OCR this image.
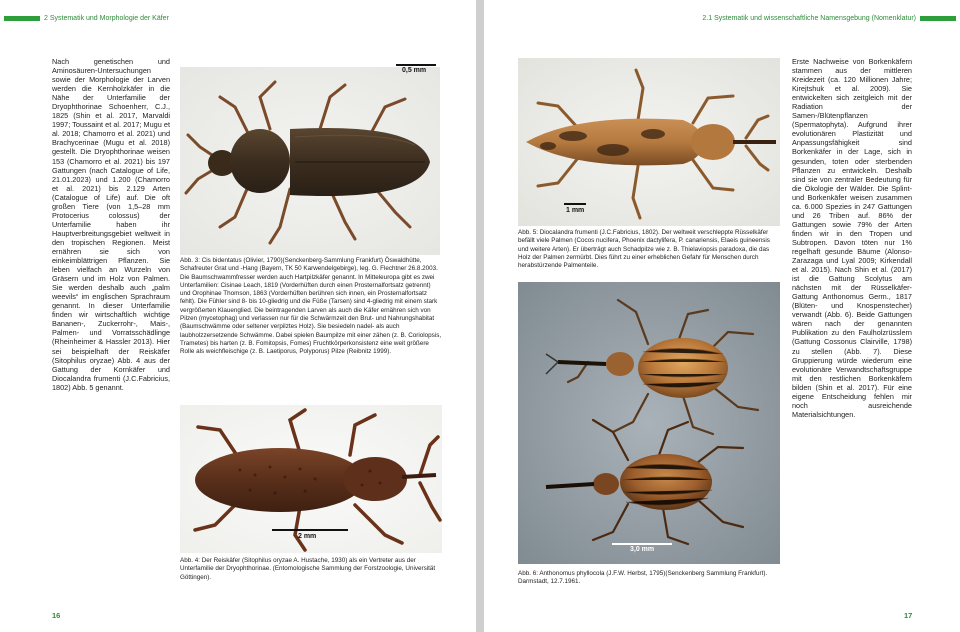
2 Systematik und Morphologie der Käfer

Nach genetischen und Aminosäuren-Untersuchungen sowie der Morphologie der Larven werden die Kernholzkäfer in die Nähe der Unterfamilie der Dryophthorinae Schoenherr, C.J., 1825 (Shin et al. 2017, Marvaldi 1997; Toussaint et al. 2017; Mugu et al. 2018; Chamorro et al. 2021) und Brachycerinae (Mugu et al. 2018) gestellt. Die Dryophthorinae weisen 153 (Chamorro et al. 2021) bis 197 Gattungen (nach Catalogue of Life, 21.01.2023) und 1.200 (Chamorro et al. 2021) bis 2.129 Arten (Catalogue of Life) auf. Die oft großen Tiere (von 1,5–28 mm Protocerius colossus) der Unterfamilie haben ihr Hauptverbreitungsgebiet weltweit in den tropischen Regionen. Meist ernähren sie sich von einkeimblättrigen Pflanzen. Sie leben vielfach an Wurzeln von Gräsern und im Holz von Palmen. Sie werden deshalb auch „palm weevils“ im englischen Sprachraum genannt. In dieser Unterfamilie finden wir wirtschaftlich wichtige Bananen-, Zuckerrohr-, Mais-, Palmen- und Vorratsschädlinge (Rheinheimer & Hassler 2013). Hier sei beispielhaft der Reiskäfer (Sitophilus oryzae) Abb. 4 aus der Gattung der Kornkäfer und Diocalandra frumenti (J.C.Fabricius, 1802) Abb. 5 genannt.

0,5 mm

Abb. 3: Cis bidentatus (Olivier, 1790)(Senckenberg-Sammlung Frankfurt) Öswaldhütte, Schafreuter Grat und -Hang (Bayern, TK 50 Karwendelgebirge), leg. G. Flechtner 26.8.2003. Die Baumschwammfresser werden auch Hartpilzkäfer genannt. In Mitteleuropa gibt es zwei Unterfamilien: Cisinae Leach, 1819 (Vorderhüften durch einen Prosternalfortsatz getrennt) und Orophinae Thomson, 1863 (Vorderhüften berühren sich innen, ein Prosternalfortsatz fehlt). Die Fühler sind 8- bis 10-gliedrig und die Füße (Tarsen) sind 4-gliedrig mit einem stark vergrößerten Klauenglied. Die beintragenden Larven als auch die Käfer ernähren sich von Pilzen (mycetophag) und verlassen nur für die Schwärmzeit den Brut- und Nahrungshabitat (Baumschwämme oder seltener verpilztes Holz). Sie besiedeln nadel- als auch laubholzzersetzende Schwämme. Dabei spielen Baumpilze mit einer zähen (z. B. Coriolopsis, Trametes) bis harten (z. B. Fomitopsis, Fomes) Fruchtkörperkonsistenz eine weit größere Rolle als weichfleischige (z. B. Laetiporus, Polyporus) Pilze (Reibnitz 1999).

2 mm

Abb. 4: Der Reiskäfer (Sitophilus oryzae A. Hustache, 1930) als ein Vertreter aus der Unterfamilie der Dryophthorinae. (Entomologische Sammlung der Forstzoologie, Universität Göttingen).

16
2.1 Systematik und wissenschaftliche Namensgebung (Nomenklatur)
1 mm

Abb. 5: Diocalandra frumenti (J.C.Fabricius, 1802). Der weltweit verschleppte Rüsselkäfer befällt viele Palmen (Cocos nucifera, Phoenix dactylifera, P. canariensis, Elaeis guineensis und weitere Arten). Er überträgt auch Schadpilze wie z. B. Thielaviopsis paradoxa, die das Holz der Palmen zermürbt. Dies führt zu einer erheblichen Gefahr für Menschen durch herabstürzende Palmenteile.

3,0 mm

Abb. 6: Anthonomus phyllocola (J.F.W. Herbst, 1795)(Senckenberg Sammlung Frankfurt). Darmstadt, 12.7.1961.

Erste Nachweise von Borkenkäfern stammen aus der mittleren Kreidezeit (ca. 120 Millionen Jahre; Kirejtshuk et al. 2009). Sie entwickelten sich zeitgleich mit der Radiation der Samen-/Blütenpflanzen (Spermatophyta). Aufgrund ihrer evolutionären Plastizität und Anpassungsfähigkeit sind Borkenkäfer in der Lage, sich in gesunden, toten oder sterbenden Pflanzen zu entwickeln. Deshalb sind sie von zentraler Bedeutung für die Ökologie der Wälder. Die Splint- und Borkenkäfer weisen zusammen ca. 6.000 Spezies in 247 Gattungen und 26 Triben auf. 86% der Gattungen sowie 79% der Arten finden wir in den Tropen und Subtropen. Davon töten nur 1% regelhaft gesunde Bäume (Alonso-Zarazaga und Lyal 2009; Kirkendall et al. 2015). Nach Shin et al. (2017) ist die Gattung Scolytus am nächsten mit der Rüsselkäfer-Gattung Anthonomus Germ., 1817 (Blüten- und Knospenstecher) verwandt (Abb. 6). Beide Gattungen wären nach der genannten Publikation zu den Faulholzrüsslern (Gattung Cossonus Clairville, 1798) zu stellen (Abb. 7). Diese Gruppierung würde wiederum eine evolutionäre Verwandtschaftsgruppe mit den restlichen Borkenkäfern bilden (Shin et al. 2017). Für eine eigene Entscheidung fehlen mir noch ausreichende Materialsichtungen.

17
